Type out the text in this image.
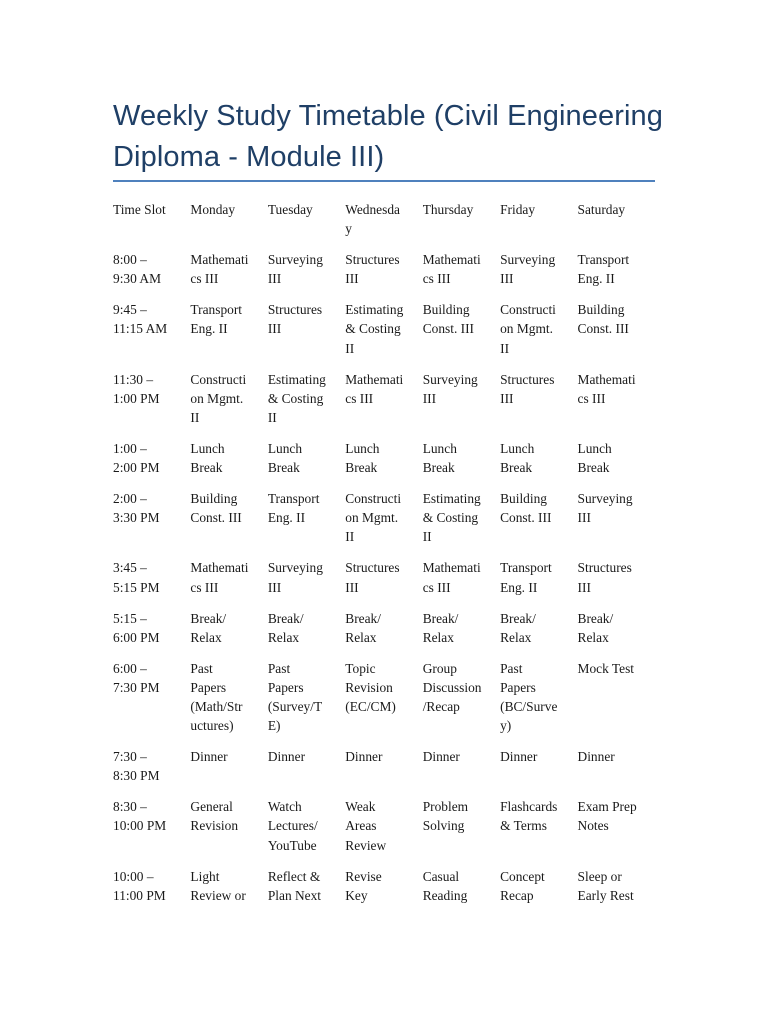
Weekly Study Timetable (Civil Engineering Diploma - Module III)
Time Slot	Monday	Tuesday	Wednesda
y	Thursday	Friday	Saturday
8:00 –
9:30 AM	Mathemati
cs III	Surveying
III	Structures
III	Mathemati
cs III	Surveying
III	Transport
Eng. II
9:45 –
11:15 AM	Transport
Eng. II	Structures
III	Estimating
& Costing
II	Building
Const. III	Constructi
on Mgmt.
II	Building
Const. III
11:30 –
1:00 PM	Constructi
on Mgmt.
II	Estimating
& Costing
II	Mathemati
cs III	Surveying
III	Structures
III	Mathemati
cs III
1:00 –
2:00 PM	Lunch
Break	Lunch
Break	Lunch
Break	Lunch
Break	Lunch
Break	Lunch
Break
2:00 –
3:30 PM	Building
Const. III	Transport
Eng. II	Constructi
on Mgmt.
II	Estimating
& Costing
II	Building
Const. III	Surveying
III
3:45 –
5:15 PM	Mathemati
cs III	Surveying
III	Structures
III	Mathemati
cs III	Transport
Eng. II	Structures
III
5:15 –
6:00 PM	Break/
Relax	Break/
Relax	Break/
Relax	Break/
Relax	Break/
Relax	Break/
Relax
6:00 –
7:30 PM	Past
Papers
(Math/Str
uctures)	Past
Papers
(Survey/T
E)	Topic
Revision
(EC/CM)	Group
Discussion
/Recap	Past
Papers
(BC/Surve
y)	Mock Test
7:30 –
8:30 PM	Dinner	Dinner	Dinner	Dinner	Dinner	Dinner
8:30 –
10:00 PM	General
Revision	Watch
Lectures/
YouTube	Weak
Areas
Review	Problem
Solving	Flashcards
& Terms	Exam Prep
Notes
10:00 –
11:00 PM	Light
Review or	Reflect &
Plan Next	Revise
Key	Casual
Reading	Concept
Recap	Sleep or
Early Rest
